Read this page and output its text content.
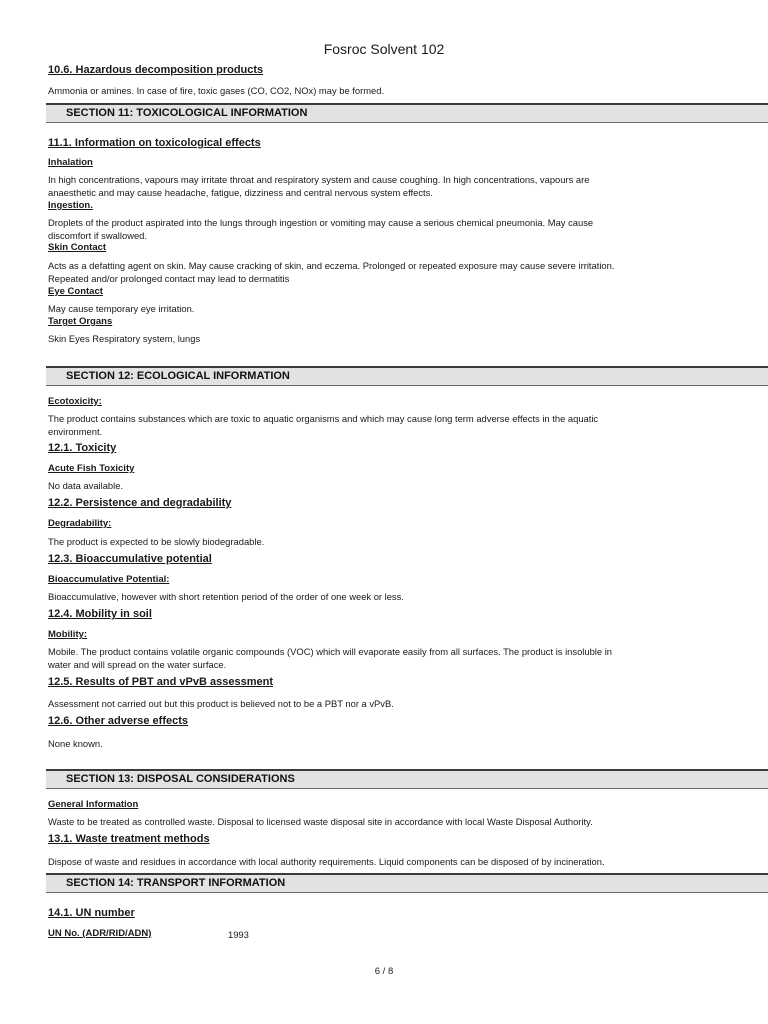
Fosroc Solvent 102
10.6. Hazardous decomposition products
Ammonia or amines. In case of fire, toxic gases (CO, CO2, NOx) may be formed.
SECTION 11: TOXICOLOGICAL INFORMATION
11.1. Information on toxicological effects
Inhalation
In high concentrations, vapours may irritate throat and respiratory system and cause coughing. In high concentrations, vapours are
anaesthetic and may cause headache, fatigue, dizziness and central nervous system effects.
Ingestion.
Droplets of the product aspirated into the lungs through ingestion or vomiting may cause a serious chemical pneumonia. May cause
discomfort if swallowed.
Skin Contact
Acts as a defatting agent on skin. May cause cracking of skin, and eczema. Prolonged or repeated exposure may cause severe irritation.
Repeated and/or prolonged contact may lead to dermatitis
Eye Contact
May cause temporary eye irritation.
Target Organs
Skin Eyes Respiratory system, lungs
SECTION 12: ECOLOGICAL INFORMATION
Ecotoxicity:
The product contains substances which are toxic to aquatic organisms and which may cause long term adverse effects in the aquatic
environment.
12.1. Toxicity
Acute Fish Toxicity
No data available.
12.2. Persistence and degradability
Degradability:
The product is expected to be slowly biodegradable.
12.3. Bioaccumulative potential
Bioaccumulative Potential:
Bioaccumulative, however with short retention period of the order of one week or less.
12.4. Mobility in soil
Mobility:
Mobile. The product contains volatile organic compounds (VOC) which will evaporate easily from all surfaces. The product is insoluble in
water and will spread on the water surface.
12.5. Results of PBT and vPvB assessment
Assessment not carried out but this product is believed not to be a PBT nor a vPvB.
12.6. Other adverse effects
None known.
SECTION 13: DISPOSAL CONSIDERATIONS
General Information
Waste to be treated as controlled waste. Disposal to licensed waste disposal site in accordance with local Waste Disposal Authority.
13.1. Waste treatment methods
Dispose of waste and residues in accordance with local authority requirements. Liquid components can be disposed of by incineration.
SECTION 14: TRANSPORT INFORMATION
14.1. UN number
UN No. (ADR/RID/ADN)	1993
6 / 8
